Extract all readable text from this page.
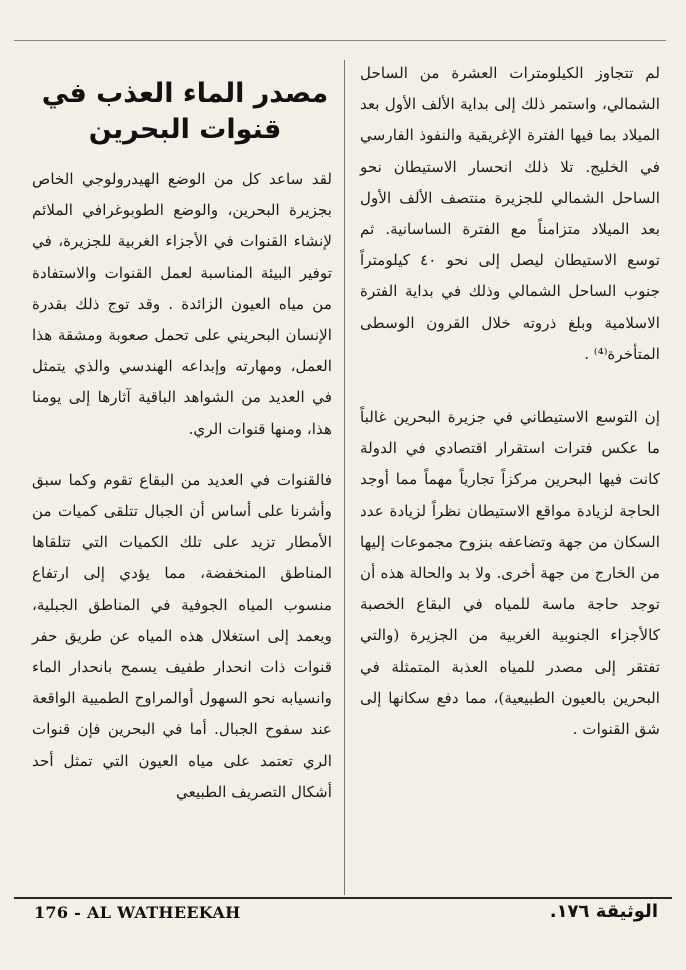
لم تتجاوز الكيلومترات العشرة من الساحل الشمالي، واستمر ذلك إلى بداية الألف الأول بعد الميلاد بما فيها الفترة الإغريقية والنفوذ الفارسي في الخليج. تلا ذلك انحسار الاستيطان نحو الساحل الشمالي للجزيرة منتصف الألف الأول بعد الميلاد متزامناً مع الفترة الساسانية. ثم توسع الاستيطان ليصل إلى نحو ٤٠ كيلومتراً جنوب الساحل الشمالي وذلك في بداية الفترة الاسلامية وبلغ ذروته خلال القرون الوسطى المتأخرة⁽⁴⁾ .

إن التوسع الاستيطاني في جزيرة البحرين غالباً ما عكس فترات استقرار اقتصادي في الدولة كانت فيها البحرين مركزاً تجارياً مهماً مما أوجد الحاجة لزيادة مواقع الاستيطان نظراً لزيادة عدد السكان من جهة وتضاعفه بنزوح مجموعات إليها من الخارج من جهة أخرى. ولا بد والحالة هذه أن توجد حاجة ماسة للمياه في البقاع الخصبة كالأجزاء الجنوبية الغربية من الجزيرة (والتي تفتقر إلى مصدر للمياه العذبة المتمثلة في البحرين بالعيون الطبيعية)، مما دفع سكانها إلى شق القنوات .

مصدر الماء العذب في
قنوات البحرين

لقد ساعد كل من الوضع الهيدرولوجي الخاص بجزيرة البحرين، والوضع الطوبوغرافي الملائم لإنشاء القنوات في الأجزاء الغربية للجزيرة، في توفير البيئة المناسبة لعمل القنوات والاستفادة من مياه العيون الزائدة . وقد توج ذلك بقدرة الإنسان البحريني على تحمل صعوبة ومشقة هذا العمل، ومهارته وإبداعه الهندسي والذي يتمثل في العديد من الشواهد الباقية آثارها إلى يومنا هذا، ومنها قنوات الري.

فالقنوات في العديد من البقاع تقوم وكما سبق وأشرنا على أساس أن الجبال تتلقى كميات من الأمطار تزيد على تلك الكميات التي تتلقاها المناطق المنخفضة، مما يؤدي إلى ارتفاع منسوب المياه الجوفية في المناطق الجبلية، ويعمد إلى استغلال هذه المياه عن طريق حفر قنوات ذات انحدار طفيف يسمح بانحدار الماء وانسيابه نحو السهول أوالمراوح الطميية الواقعة عند سفوح الجبال. أما في البحرين فإن قنوات الري تعتمد على مياه العيون التي تمثل أحد أشكال التصريف الطبيعي

176 - AL WATHEEKAH	الوثيقة ١٧٦.
